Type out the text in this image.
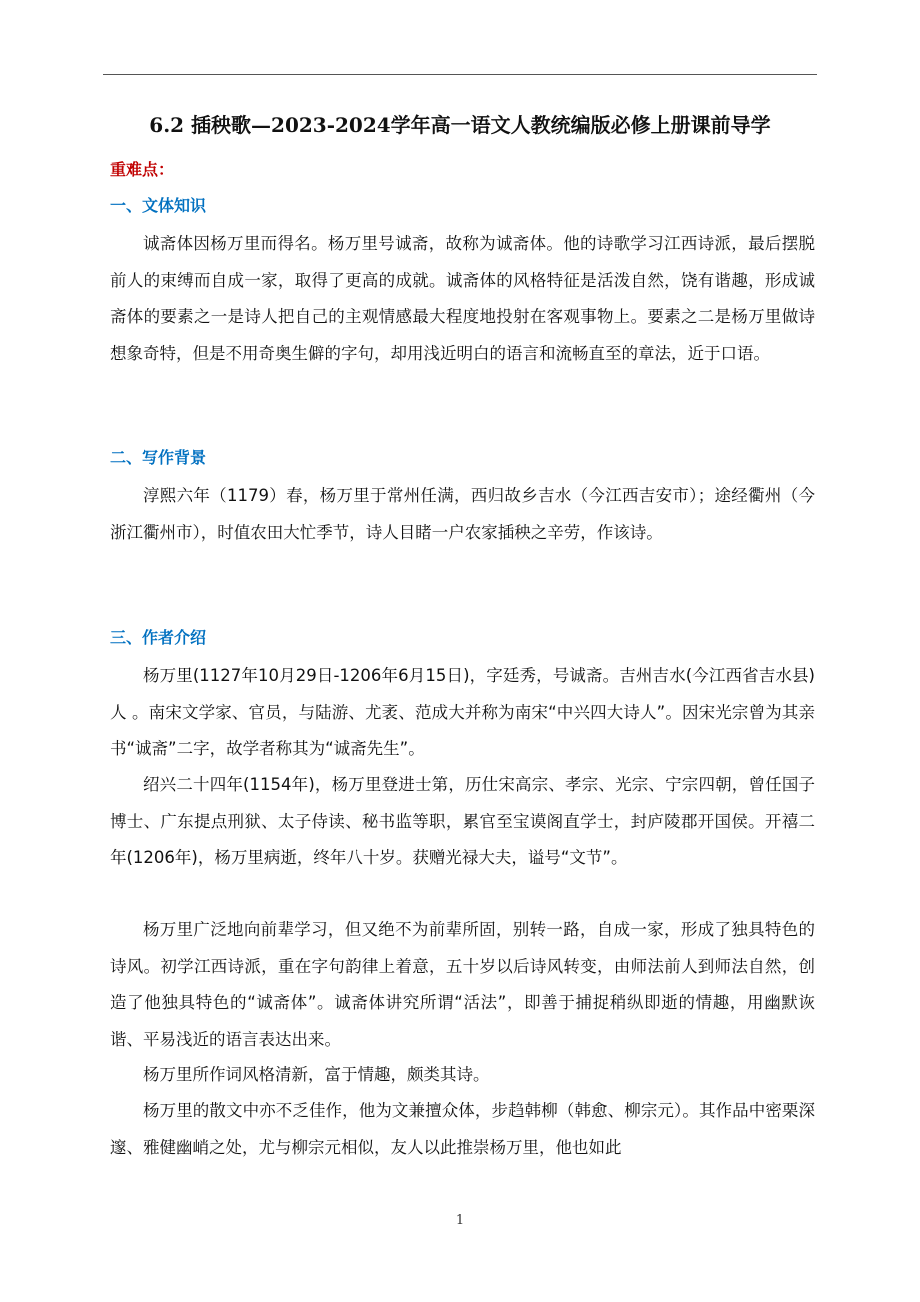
6.2 插秧歌—2023-2024学年高一语文人教统编版必修上册课前导学
重难点：
一、文体知识

诚斋体因杨万里而得名。杨万里号诚斋，故称为诚斋体。他的诗歌学习江西诗派，最后摆脱前人的束缚而自成一家，取得了更高的成就。诚斋体的风格特征是活泼自然，饶有谐趣，形成诚斋体的要素之一是诗人把自己的主观情感最大程度地投射在客观事物上。要素之二是杨万里做诗想象奇特，但是不用奇奥生僻的字句，却用浅近明白的语言和流畅直至的章法，近于口语。

二、写作背景

淳熙六年（1179）春，杨万里于常州任满，西归故乡吉水（今江西吉安市）；途经衢州（今浙江衢州市），时值农田大忙季节，诗人目睹一户农家插秧之辛劳，作该诗。

三、作者介绍

杨万里(1127年10月29日-1206年6月15日)，字廷秀，号诚斋。吉州吉水(今江西省吉水县)人 。南宋文学家、官员，与陆游、尤袤、范成大并称为南宋“中兴四大诗人”。因宋光宗曾为其亲书“诚斋”二字，故学者称其为“诚斋先生”。

绍兴二十四年(1154年)，杨万里登进士第，历仕宋高宗、孝宗、光宗、宁宗四朝，曾任国子博士、广东提点刑狱、太子侍读、秘书监等职，累官至宝谟阁直学士，封庐陵郡开国侯。开禧二年(1206年)，杨万里病逝，终年八十岁。获赠光禄大夫，谥号“文节”。

杨万里广泛地向前辈学习，但又绝不为前辈所固，别转一路，自成一家，形成了独具特色的诗风。初学江西诗派，重在字句韵律上着意，五十岁以后诗风转变，由师法前人到师法自然，创造了他独具特色的“诚斋体”。诚斋体讲究所谓“活法”，即善于捕捉稍纵即逝的情趣，用幽默诙谐、平易浅近的语言表达出来。

杨万里所作词风格清新，富于情趣，颇类其诗。

杨万里的散文中亦不乏佳作，他为文兼擅众体，步趋韩柳（韩愈、柳宗元）。其作品中密栗深邃、雅健幽峭之处，尤与柳宗元相似，友人以此推崇杨万里，他也如此

1
